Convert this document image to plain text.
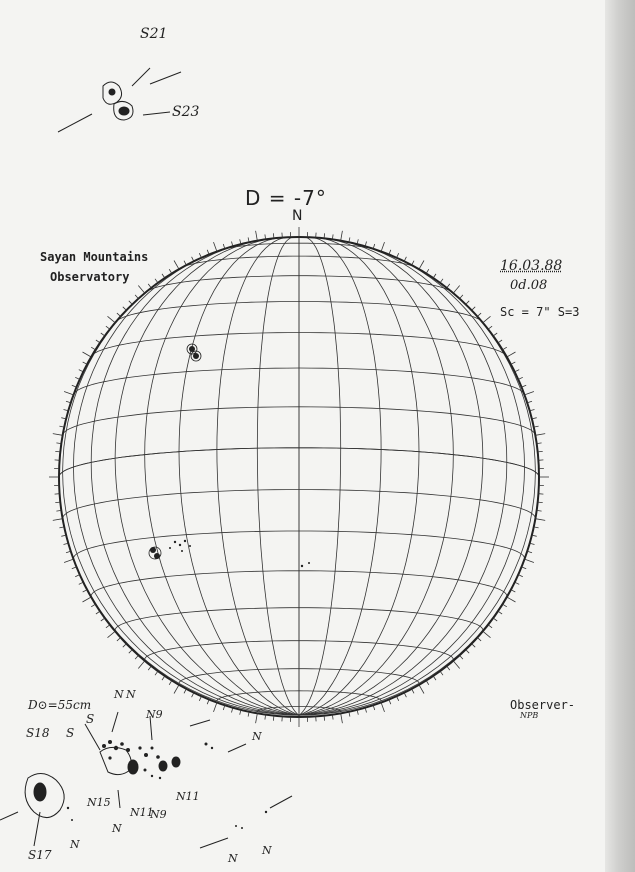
D = -7°
N
Sayan Mountains
Observatory
16.03.88
0d.08
Sc = 7" S=3
D⊙=55cm	Observer-
NPB
S21
S23
S18
S17
S
S
N
N N
N9
N15
N11
N9
N11
N
N
N
N
